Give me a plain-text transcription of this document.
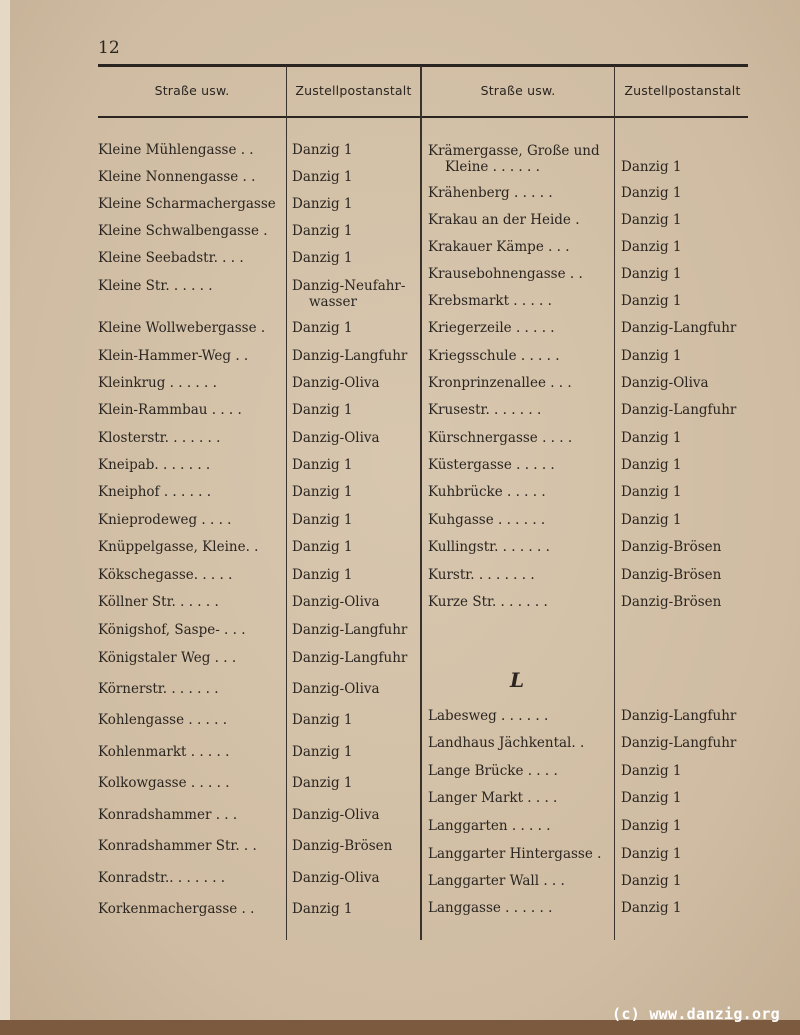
12
Straße usw.	Zustellpostanstalt	Straße usw.	Zustellpostanstalt
Kleine Mühlengasse . .	Danzig 1
Kleine Nonnengasse . .	Danzig 1
Kleine Scharmachergasse	Danzig 1
Kleine Schwalbengasse .	Danzig 1
Kleine Seebadstr. . . .	Danzig 1
Kleine Str. . . . . .	Danzig-Neufahr-
wasser
Kleine Wollwebergasse .	Danzig 1
Klein-Hammer-Weg . .	Danzig-Langfuhr
Kleinkrug . . . . . .	Danzig-Oliva
Klein-Rammbau . . . .	Danzig 1
Klosterstr. . . . . . .	Danzig-Oliva
Kneipab. . . . . . .	Danzig 1
Kneiphof . . . . . .	Danzig 1
Knieprodeweg . . . .	Danzig 1
Knüppelgasse, Kleine. .	Danzig 1
Kökschegasse. . . . .	Danzig 1
Köllner Str. . . . . .	Danzig-Oliva
Königshof, Saspe- . . .	Danzig-Langfuhr
Königstaler Weg . . .	Danzig-Langfuhr
Körnerstr. . . . . . .	Danzig-Oliva
Kohlengasse . . . . .	Danzig 1
Kohlenmarkt . . . . .	Danzig 1
Kolkowgasse . . . . .	Danzig 1
Konradshammer . . .	Danzig-Oliva
Konradshammer Str. . .	Danzig-Brösen
Konradstr.. . . . . . .	Danzig-Oliva
Korkenmachergasse . .	Danzig 1
Krämergasse, Große und
Kleine . . . . . .	Danzig 1
Krähenberg . . . . .	Danzig 1
Krakau an der Heide .	Danzig 1
Krakauer Kämpe . . .	Danzig 1
Krausebohnengasse . .	Danzig 1
Krebsmarkt . . . . .	Danzig 1
Kriegerzeile . . . . .	Danzig-Langfuhr
Kriegsschule . . . . .	Danzig 1
Kronprinzenallee . . .	Danzig-Oliva
Krusestr. . . . . . .	Danzig-Langfuhr
Kürschnergasse . . . .	Danzig 1
Küstergasse . . . . .	Danzig 1
Kuhbrücke . . . . .	Danzig 1
Kuhgasse . . . . . .	Danzig 1
Kullingstr. . . . . . .	Danzig-Brösen
Kurstr. . . . . . . .	Danzig-Brösen
Kurze Str. . . . . . .	Danzig-Brösen
Labesweg . . . . . .	Danzig-Langfuhr
Landhaus Jächkental. .	Danzig-Langfuhr
Lange Brücke . . . .	Danzig 1
Langer Markt . . . .	Danzig 1
Langgarten . . . . .	Danzig 1
Langgarter Hintergasse .	Danzig 1
Langgarter Wall . . .	Danzig 1
Langgasse . . . . . .	Danzig 1
L
(c) www.danzig.org
